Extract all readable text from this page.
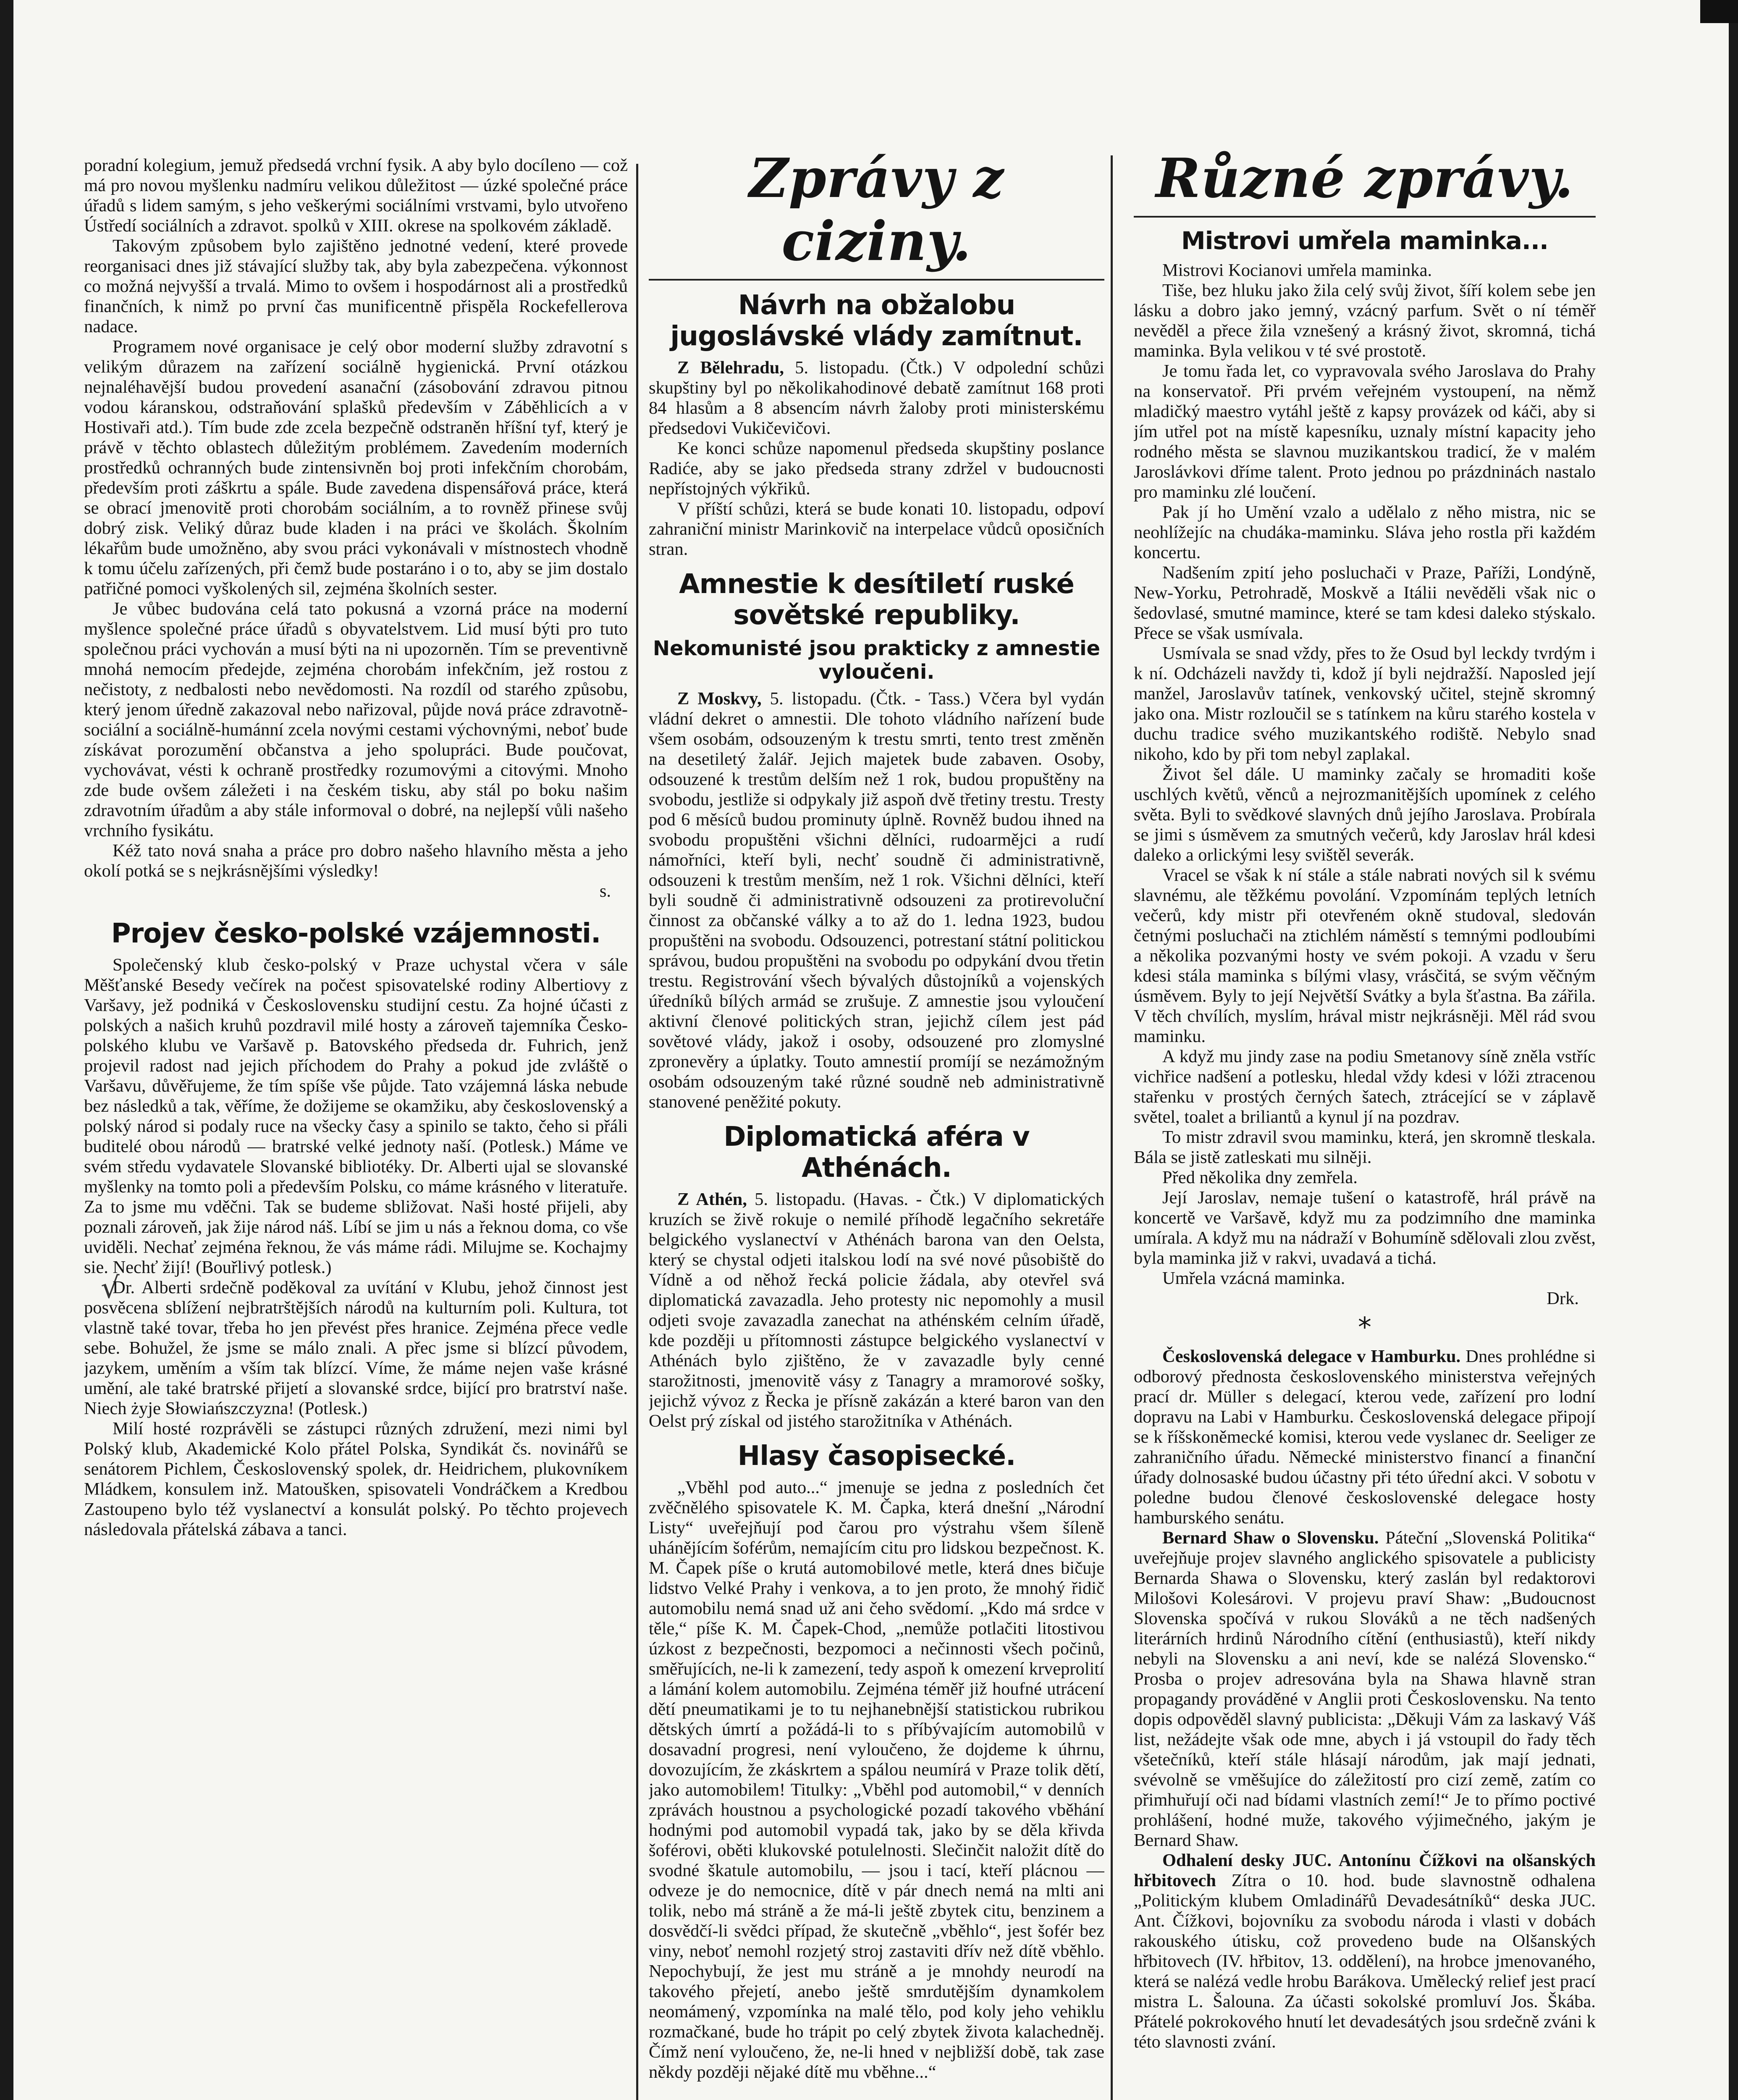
√

poradní kolegium, jemuž předsedá vrchní fysik. A aby bylo docíleno — což má pro novou myšlenku nadmíru velikou důležitost — úzké společné práce úřadů s lidem samým, s jeho veškerými sociálními vrstvami, bylo utvořeno Ústředí sociálních a zdravot. spolků v XIII. okrese na spolkovém základě.

Takovým způsobem bylo zajištěno jednotné vedení, které provede reorganisaci dnes již stávající služby tak, aby byla zabezpečena. výkonnost co možná nejvyšší a trvalá. Mimo to ovšem i hospodárnost ali a prostředků finančních, k nimž po první čas munificentně přispěla Rockefellerova nadace.

Programem nové organisace je celý obor moderní služby zdravotní s velikým důrazem na zařízení sociálně hygienická. První otázkou nejnaléhavější budou provedení asanační (zásobování zdravou pitnou vodou káranskou, odstraňování splašků především v Záběhlicích a v Hostivaři atd.). Tím bude zde zcela bezpečně odstraněn hříšní tyf, který je právě v těchto oblastech důležitým problémem. Zavedením moderních prostředků ochranných bude zintensivněn boj proti infekčním chorobám, především proti záškrtu a spále. Bude zavedena dispensářová práce, která se obrací jmenovitě proti chorobám sociálním, a to rovněž přinese svůj dobrý zisk. Veliký důraz bude kladen i na práci ve školách. Školním lékařům bude umožněno, aby svou práci vykonávali v místnostech vhodně k tomu účelu zařízených, při čemž bude postaráno i o to, aby se jim dostalo patřičné pomoci vyškolených sil, zejména školních sester.

Je vůbec budována celá tato pokusná a vzorná práce na moderní myšlence společné práce úřadů s obyvatelstvem. Lid musí býti pro tuto společnou práci vychován a musí býti na ni upozorněn. Tím se preventivně mnohá nemocím předejde, zejména chorobám infekčním, jež rostou z nečistoty, z nedbalosti nebo nevědomosti. Na rozdíl od starého způsobu, který jenom úředně zakazoval nebo nařizoval, půjde nová práce zdravotně-sociální a sociálně-humánní zcela novými cestami výchovnými, neboť bude získávat porozumění občanstva a jeho spolupráci. Bude poučovat, vychovávat, vésti k ochraně prostředky rozumovými a citovými. Mnoho zde bude ovšem záležeti i na českém tisku, aby stál po boku našim zdravotním úřadům a aby stále informoval o dobré, na nejlepší vůli našeho vrchního fysikátu.

Kéž tato nová snaha a práce pro dobro našeho hlavního města a jeho okolí potká se s nejkrásnějšími výsledky!

s.

Projev česko-polské vzájemnosti.

Společenský klub česko-polský v Praze uchystal včera v sále Měšťanské Besedy večírek na počest spisovatelské rodiny Albertiovy z Varšavy, jež podniká v Československu studijní cestu. Za hojné účasti z polských a našich kruhů pozdravil milé hosty a zároveň tajemníka Česko-polského klubu ve Varšavě p. Batovského předseda dr. Fuhrich, jenž projevil radost nad jejich příchodem do Prahy a pokud jde zvláště o Varšavu, důvěřujeme, že tím spíše vše půjde. Tato vzájemná láska nebude bez následků a tak, věříme, že dožijeme se okamžiku, aby československý a polský národ si podaly ruce na všecky časy a spinilo se takto, čeho si přáli buditelé obou národů — bratrské velké jednoty naší. (Potlesk.) Máme ve svém středu vydavatele Slovanské bibliotéky. Dr. Alberti ujal se slovanské myšlenky na tomto poli a především Polsku, co máme krásného v literatuře. Za to jsme mu vděčni. Tak se budeme sbližovat. Naši hosté přijeli, aby poznali zároveň, jak žije národ náš. Líbí se jim u nás a řeknou doma, co vše uviděli. Nechať zejména řeknou, že vás máme rádi. Milujme se. Kochajmy sie. Nechť žijí! (Bouřlivý potlesk.)

Dr. Alberti srdečně poděkoval za uvítání v Klubu, jehož činnost jest posvěcena sblížení nejbratrštějších národů na kulturním poli. Kultura, tot vlastně také tovar, třeba ho jen převést přes hranice. Zejména přece vedle sebe. Bohužel, že jsme se málo znali. A přec jsme si blízcí původem, jazykem, uměním a vším tak blízcí. Víme, že máme nejen vaše krásné umění, ale také bratrské přijetí a slovanské srdce, bijící pro bratrství naše. Niech żyje Słowiańszczyzna! (Potlesk.)

Milí hosté rozprávěli se zástupci různých združení, mezi nimi byl Polský klub, Akademické Kolo přátel Polska, Syndikát čs. novinářů se senátorem Pichlem, Československý spolek, dr. Heidrichem, plukovníkem Mládkem, konsulem inž. Matoušken, spisovateli Vondráčkem a Kredbou Zastoupeno bylo též vyslanectví a konsulát polský. Po těchto projevech následovala přátelská zábava a tanci.

Zprávy z ciziny.
Návrh na obžalobu jugoslávské vlády zamítnut.

Z Bělehradu, 5. listopadu. (Čtk.) V odpolední schůzi skupštiny byl po několikahodinové debatě zamítnut 168 proti 84 hlasům a 8 absencím návrh žaloby proti ministerskému předsedovi Vukičevičovi.

Ke konci schůze napomenul předseda skupštiny poslance Radiće, aby se jako předseda strany zdržel v budoucnosti nepřístojných výkřiků.

V příští schůzi, která se bude konati 10. listopadu, odpoví zahraniční ministr Marinkovič na interpelace vůdců oposičních stran.

Amnestie k desítiletí ruské sovětské republiky.
Nekomunisté jsou prakticky z amnestie vyloučeni.

Z Moskvy, 5. listopadu. (Čtk. - Tass.) Včera byl vydán vládní dekret o amnestii. Dle tohoto vládního nařízení bude všem osobám, odsouzeným k trestu smrti, tento trest změněn na desetiletý žalář. Jejich majetek bude zabaven. Osoby, odsouzené k trestům delším než 1 rok, budou propuštěny na svobodu, jestliže si odpykaly již aspoň dvě třetiny trestu. Tresty pod 6 měsíců budou prominuty úplně. Rovněž budou ihned na svobodu propuštěni všichni dělníci, rudoarmějci a rudí námořníci, kteří byli, nechť soudně či administrativně, odsouzeni k trestům menším, než 1 rok. Všichni dělníci, kteří byli soudně či administrativně odsouzeni za protirevoluční činnost za občanské války a to až do 1. ledna 1923, budou propuštěni na svobodu. Odsouzenci, potrestaní státní politickou správou, budou propuštěni na svobodu po odpykání dvou třetin trestu. Registrování všech bývalých důstojníků a vojenských úředníků bílých armád se zrušuje. Z amnestie jsou vyloučení aktivní členové politických stran, jejichž cílem jest pád sovětové vlády, jakož i osoby, odsouzené pro zlomyslné zpronevěry a úplatky. Touto amnestií promíjí se nezámožným osobám odsouzeným také různé soudně neb administrativně stanovené peněžité pokuty.

Diplomatická aféra v Athénách.

Z Athén, 5. listopadu. (Havas. - Čtk.) V diplomatických kruzích se živě rokuje o nemilé příhodě legačního sekretáře belgického vyslanectví v Athénách barona van den Oelsta, který se chystal odjeti italskou lodí na své nové působiště do Vídně a od něhož řecká policie žádala, aby otevřel svá diplomatická zavazadla. Jeho protesty nic nepomohly a musil odjeti svoje zavazadla zanechat na athénském celním úřadě, kde později u přítomnosti zástupce belgického vyslanectví v Athénách bylo zjištěno, že v zavazadle byly cenné starožitnosti, jmenovitě vásy z Tanagry a mramorové sošky, jejichž vývoz z Řecka je přísně zakázán a které baron van den Oelst prý získal od jistého starožitníka v Athénách.

Hlasy časopisecké.

„Vběhl pod auto...“ jmenuje se jedna z posledních čet zvěčnělého spisovatele K. M. Čapka, která dnešní „Národní Listy“ uveřejňují pod čarou pro výstrahu všem šíleně uhánějícím šoférům, nemajícím citu pro lidskou bezpečnost. K. M. Čapek píše o krutá automobilové metle, která dnes bičuje lidstvo Velké Prahy i venkova, a to jen proto, že mnohý řidič automobilu nemá snad už ani čeho svědomí. „Kdo má srdce v těle,“ píše K. M. Čapek-Chod, „nemůže potlačiti litostivou úzkost z bezpečnosti, bezpomoci a nečinnosti všech počinů, směřujících, ne-li k zamezení, tedy aspoň k omezení krveprolití a lámání kolem automobilu. Zejména téměř již houfné utrácení dětí pneumatikami je to tu nejhanebnější statistickou rubrikou dětských úmrtí a požádá-li to s příbývajícím automobilů v dosavadní progresi, není vyloučeno, že dojdeme k úhrnu, dovozujícím, že zkáskrtem a spálou neumírá v Praze tolik dětí, jako automobilem! Titulky: „Vběhl pod automobil,“ v denních zprávách houstnou a psychologické pozadí takového vběhání hodnými pod automobil vypadá tak, jako by se děla křivda šoférovi, oběti klukovské potulelnosti. Slečinčit naložit dítě do svodné škatule automobilu, — jsou i tací, kteří plácnou — odveze je do nemocnice, dítě v pár dnech nemá na mlti ani tolik, nebo má stráně a že má-li ještě zbytek citu, benzinem a dosvědčí-li svědci případ, že skutečně „vběhlo“, jest šofér bez viny, neboť nemohl rozjetý stroj zastaviti dřív než dítě vběhlo. Nepochybují, že jest mu stráně a je mnohdy neurodí na takového přejetí, anebo ještě smrdutějším dynamkolem neomámený, vzpomínka na malé tělo, pod koly jeho vehiklu rozmačkané, bude ho trápit po celý zbytek života kalachedněj. Čímž není vyloučeno, že, ne-li hned v nejbližší době, tak zase někdy později nějaké dítě mu vběhne...“

Různé zprávy.
Mistrovi umřela maminka...

Mistrovi Kocianovi umřela maminka.

Tiše, bez hluku jako žila celý svůj život, šíří kolem sebe jen lásku a dobro jako jemný, vzácný parfum. Svět o ní téměř nevěděl a přece žila vznešený a krásný život, skromná, tichá maminka. Byla velikou v té své prostotě.

Je tomu řada let, co vypravovala svého Jaroslava do Prahy na konservatoř. Při prvém veřejném vystoupení, na němž mladičký maestro vytáhl ještě z kapsy provázek od káči, aby si jím utřel pot na místě kapesníku, uznaly místní kapacity jeho rodného města se slavnou muzikantskou tradicí, že v malém Jaroslávkovi dříme talent. Proto jednou po prázdninách nastalo pro maminku zlé loučení.

Pak jí ho Umění vzalo a udělalo z něho mistra, nic se neohlížejíc na chudáka-maminku. Sláva jeho rostla při každém koncertu.

Nadšením zpití jeho posluchači v Praze, Paříži, Londýně, New-Yorku, Petrohradě, Moskvě a Itálii nevěděli však nic o šedovlasé, smutné mamince, které se tam kdesi daleko stýskalo. Přece se však usmívala.

Usmívala se snad vždy, přes to že Osud byl leckdy tvrdým i k ní. Odcházeli navždy ti, kdož jí byli nejdražší. Naposled její manžel, Jaroslavův tatínek, venkovský učitel, stejně skromný jako ona. Mistr rozloučil se s tatínkem na kůru starého kostela v duchu tradice svého muzikantského rodiště. Nebylo snad nikoho, kdo by při tom nebyl zaplakal.

Život šel dále. U maminky začaly se hromaditi koše uschlých květů, věnců a nejrozmanitějších upomínek z celého světa. Byli to svědkové slavných dnů jejího Jaroslava. Probírala se jimi s úsměvem za smutných večerů, kdy Jaroslav hrál kdesi daleko a orlickými lesy svištěl severák.

Vracel se však k ní stále a stále nabrati nových sil k svému slavnému, ale těžkému povolání. Vzpomínám teplých letních večerů, kdy mistr při otevřeném okně studoval, sledován četnými posluchači na ztichlém náměstí s temnými podloubími a několika pozvanými hosty ve svém pokoji. A vzadu v šeru kdesi stála maminka s bílými vlasy, vrásčitá, se svým věčným úsměvem. Byly to její Největší Svátky a byla šťastna. Ba zářila. V těch chvílích, myslím, hrával mistr nejkrásněji. Měl rád svou maminku.

A když mu jindy zase na podiu Smetanovy síně zněla vstříc vichřice nadšení a potlesku, hledal vždy kdesi v lóži ztracenou stařenku v prostých černých šatech, ztrácející se v záplavě světel, toalet a briliantů a kynul jí na pozdrav.

To mistr zdravil svou maminku, která, jen skromně tleskala. Bála se jistě zatleskati mu silněji.

Před několika dny zemřela.

Její Jaroslav, nemaje tušení o katastrofě, hrál právě na koncertě ve Varšavě, když mu za podzimního dne maminka umírala. A když mu na nádraží v Bohumíně sdělovali zlou zvěst, byla maminka již v rakvi, uvadavá a tichá.

Umřela vzácná maminka.

Drk.

*

Československá delegace v Hamburku. Dnes prohlédne si odborový přednosta československého ministerstva veřejných prací dr. Müller s delegací, kterou vede, zařízení pro lodní dopravu na Labi v Hamburku. Československá delegace připojí se k říšskoněmecké komisi, kterou vede vyslanec dr. Seeliger ze zahraničního úřadu. Německé ministerstvo financí a finanční úřady dolnosaské budou účastny při této úřední akci. V sobotu v poledne budou členové československé delegace hosty hamburského senátu.

Bernard Shaw o Slovensku. Páteční „Slovenská Politika“ uveřejňuje projev slavného anglického spisovatele a publicisty Bernarda Shawa o Slovensku, který zaslán byl redaktorovi Milošovi Kolesárovi. V projevu praví Shaw: „Budoucnost Slovenska spočívá v rukou Slováků a ne těch nadšených literárních hrdinů Národního cítění (enthusiastů), kteří nikdy nebyli na Slovensku a ani neví, kde se nalézá Slovensko.“ Prosba o projev adresována byla na Shawa hlavně stran propagandy prováděné v Anglii proti Československu. Na tento dopis odpověděl slavný publicista: „Děkuji Vám za laskavý Váš list, nežádejte však ode mne, abych i já vstoupil do řady těch všetečníků, kteří stále hlásají národům, jak mají jednati, svévolně se vměšujíce do záležitostí pro cizí země, zatím co přimhuřují oči nad bídami vlastních zemí!“ Je to přímo poctivé prohlášení, hodné muže, takového výjimečného, jakým je Bernard Shaw.

Odhalení desky JUC. Antonínu Čížkovi na olšanských hřbitovech Zítra o 10. hod. bude slavnostně odhalena „Politickým klubem Omladinářů Devadesátníků“ deska JUC. Ant. Čížkovi, bojovníku za svobodu národa i vlasti v dobách rakouského útisku, což provedeno bude na Olšanských hřbitovech (IV. hřbitov, 13. oddělení), na hrobce jmenovaného, která se nalézá vedle hrobu Barákova. Umělecký relief jest prací mistra L. Šalouna. Za účasti sokolské promluví Jos. Škába. Přátelé pokrokového hnutí let devadesátých jsou srdečně zváni k této slavnosti zvání.
